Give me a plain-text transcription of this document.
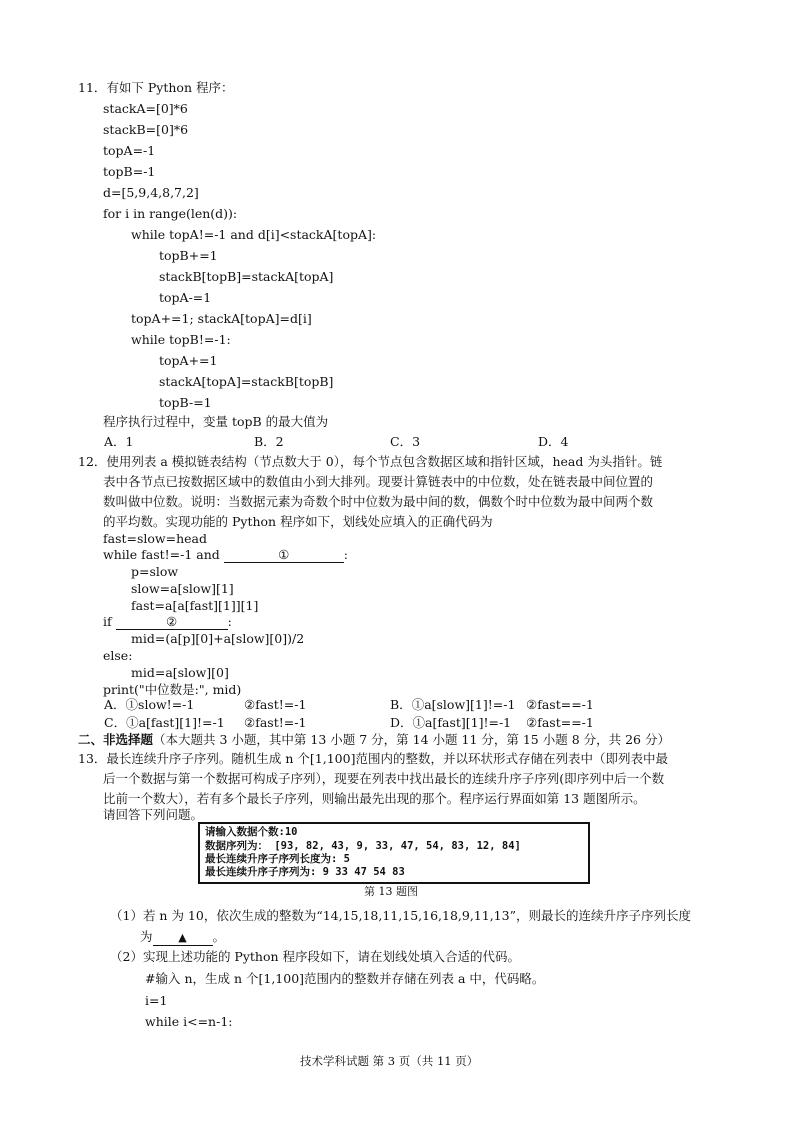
11．有如下 Python 程序：
stackA=[0]*6
stackB=[0]*6
topA=-1
topB=-1
d=[5,9,4,8,7,2]
for i in range(len(d)):
while topA!=-1 and d[i]<stackA[topA]:
topB+=1
stackB[topB]=stackA[topA]
topA-=1
topA+=1; stackA[topA]=d[i]
while topB!=-1:
topA+=1
stackA[topA]=stackB[topB]
topB-=1
程序执行过程中，变量 topB 的最大值为
A．1	B．2	C．3	D．4
12．使用列表 a 模拟链表结构（节点数大于 0），每个节点包含数据区域和指针区域，head 为头指针。链
表中各节点已按数据区域中的数值由小到大排列。现要计算链表中的中位数，处在链表最中间位置的
数叫做中位数。说明：当数据元素为奇数个时中位数为最中间的数，偶数个时中位数为最中间两个数
的平均数。实现功能的 Python 程序如下，划线处应填入的正确代码为
fast=slow=head
while fast!=-1 and	①	:
p=slow
slow=a[slow][1]
fast=a[a[fast][1]][1]
if	②	:
mid=(a[p][0]+a[slow][0])/2
else:
mid=a[slow][0]
print("中位数是:", mid)
A．①slow!=-1	②fast!=-1	B．①a[slow][1]!=-1 ②fast==-1
C．①a[fast][1]!=-1 ②fast!=-1	D．①a[fast][1]!=-1 ②fast==-1
二、非选择题（本大题共 3 小题，其中第 13 小题 7 分，第 14 小题 11 分，第 15 小题 8 分，共 26 分）
13．最长连续升序子序列。随机生成 n 个[1,100]范围内的整数，并以环状形式存储在列表中（即列表中最
后一个数据与第一个数据可构成子序列），现要在列表中找出最长的连续升序子序列(即序列中后一个数
比前一个数大），若有多个最长子序列，则输出最先出现的那个。程序运行界面如第 13 题图所示。
请回答下列问题。
请输入数据个数:10
数据序列为： [93, 82, 43, 9, 33, 47, 54, 83, 12, 84]
最长连续升序子序列长度为: 5
最长连续升序子序列为: 9 33 47 54 83
第 13 题图
（1）若 n 为 10，依次生成的整数为“14,15,18,11,15,16,18,9,11,13”，则最长的连续升序子序列长度
为 ▲ 。
（2）实现上述功能的 Python 程序段如下，请在划线处填入合适的代码。
#输入 n，生成 n 个[1,100]范围内的整数并存储在列表 a 中，代码略。
i=1
while i<=n-1:
技术学科试题 第 3 页（共 11 页）
